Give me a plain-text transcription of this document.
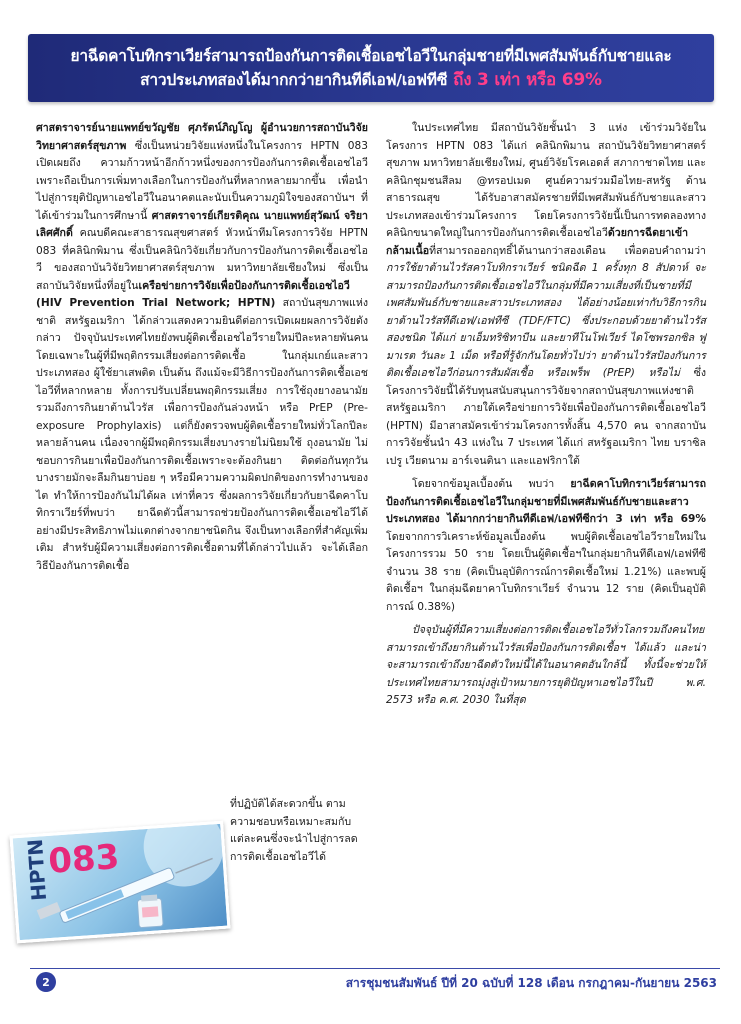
ยาฉีดคาโบทิกราเวียร์สามารถป้องกันการติดเชื้อเอชไอวีในกลุ่มชายที่มีเพศสัมพันธ์กับชายและ
สาวประเภทสองได้มากกว่ายากินทีดีเอฟ/เอฟทีซี ถึง 3 เท่า หรือ 69%

ศาสตราจารย์นายแพทย์ขวัญชัย ศุภรัตน์ภิญโญ ผู้อำนวยการสถาบันวิจัยวิทยาศาสตร์สุขภาพ ซึ่งเป็นหน่วยวิจัยแห่งหนึ่งในโครงการ HPTN 083 เปิดเผยถึง ความก้าวหน้าอีกก้าวหนึ่งของการป้องกันการติดเชื้อเอชไอวี เพราะถือเป็นการเพิ่มทางเลือกในการป้องกันที่หลากหลายมากขึ้น เพื่อนำไปสู่การยุติปัญหาเอชไอวีในอนาคตและนับเป็นความภูมิใจของสถาบันฯ ที่ได้เข้าร่วมในการศึกษานี้ ศาสตราจารย์เกียรติคุณ นายแพทย์สุวัฒน์ จริยาเลิศศักดิ์ คณบดีคณะสาธารณสุขศาสตร์ หัวหน้าทีมโครงการวิจัย HPTN 083 ที่คลินิกพิมาน ซึ่งเป็นคลินิกวิจัยเกี่ยวกับการป้องกันการติดเชื้อเอชไอวี ของสถาบันวิจัยวิทยาศาสตร์สุขภาพ มหาวิทยาลัยเชียงใหม่ ซึ่งเป็นสถาบันวิจัยหนึ่งที่อยู่ในเครือข่ายการวิจัยเพื่อป้องกันการติดเชื้อเอชไอวี (HIV Prevention Trial Network; HPTN) สถาบันสุขภาพแห่งชาติ สหรัฐอเมริกา ได้กล่าวแสดงความยินดีต่อการเปิดเผยผลการวิจัยดังกล่าว ปัจจุบันประเทศไทยยังพบผู้ติดเชื้อเอชไอวีรายใหม่ปีละหลายพันคน โดยเฉพาะในผู้ที่มีพฤติกรรมเสี่ยงต่อการติดเชื้อ ในกลุ่มเกย์และสาวประเภทสอง ผู้ใช้ยาเสพติด เป็นต้น ถึงแม้จะมีวิธีการป้องกันการติดเชื้อเอชไอวีที่หลากหลาย ทั้งการปรับเปลี่ยนพฤติกรรมเสี่ยง การใช้ถุงยางอนามัย รวมถึงการกินยาต้านไวรัส เพื่อการป้องกันล่วงหน้า หรือ PrEP (Pre-exposure Prophylaxis) แต่ก็ยังตรวจพบผู้ติดเชื้อรายใหม่ทั่วโลกปีละหลายล้านคน เนื่องจากผู้มีพฤติกรรมเสี่ยงบางรายไม่นิยมใช้ ถุงอนามัย ไม่ชอบการกินยาเพื่อป้องกันการติดเชื้อเพราะจะต้องกินยา ติดต่อกันทุกวัน บางรายมักจะลืมกินยาบ่อย ๆ หรือมีความความผิดปกติของการทำงานของไต ทำให้การป้องกันไม่ได้ผล เท่าที่ควร ซึ่งผลการวิจัยเกี่ยวกับยาฉีดคาโบทิกราเวียร์ที่พบว่า ยาฉีดตัวนี้สามารถช่วยป้องกันการติดเชื้อเอชไอวีได้อย่างมีประสิทธิภาพไม่แตกต่างจากยาชนิดกิน จึงเป็นทางเลือกที่สำคัญเพิ่มเติม สำหรับผู้มีความเสี่ยงต่อการติดเชื้อตามที่ได้กล่าวไปแล้ว จะได้เลือกวิธีป้องกันการติดเชื้อ

ที่ปฏิบัติได้สะดวกขึ้น ตามความชอบหรือเหมาะสมกับแต่ละคนซึ่งจะนำไปสู่การลดการติดเชื้อเอชไอวีได้
HPTN
083

ในประเทศไทย มีสถาบันวิจัยชั้นนำ 3 แห่ง เข้าร่วมวิจัยในโครงการ HPTN 083 ได้แก่ คลินิกพิมาน สถาบันวิจัยวิทยาศาสตร์สุขภาพ มหาวิทยาลัยเชียงใหม่, ศูนย์วิจัยโรคเอดส์ สภากาชาดไทย และคลินิกชุมชนสีลม @ทรอปเมด ศูนย์ความร่วมมือไทย-สหรัฐ ด้านสาธารณสุข ได้รับอาสาสมัครชายที่มีเพศสัมพันธ์กับชายและสาวประเภทสองเข้าร่วมโครงการ โดยโครงการวิจัยนี้เป็นการทดลองทางคลินิกขนาดใหญ่ในการป้องกันการติดเชื้อเอชไอวีด้วยการฉีดยาเข้ากล้ามเนื้อที่สามารถออกฤทธิ์ได้นานกว่าสองเดือน เพื่อตอบคำถามว่า การใช้ยาต้านไวรัสคาโบทิกราเวียร์ ชนิดฉีด 1 ครั้งทุก 8 สัปดาห์ จะสามารถป้องกันการติดเชื้อเอชไอวีในกลุ่มที่มีความเสี่ยงที่เป็นชายที่มีเพศสัมพันธ์กับชายและสาวประเภทสอง ได้อย่างน้อยเท่ากับวิธีการกินยาต้านไวรัสทีดีเอฟ/เอฟทีซี (TDF/FTC) ซึ่งประกอบด้วยยาต้านไวรัสสองชนิด ได้แก่ ยาเอ็มทริซิทาบีน และยาทีโนโฟเวียร์ ไดโซพรอกซิล ฟูมาเรต วันละ 1 เม็ด หรือที่รู้จักกันโดยทั่วไปว่า ยาต้านไวรัสป้องกันการติดเชื้อเอชไอวีก่อนการสัมผัสเชื้อ หรือเพร็พ (PrEP) หรือไม่ ซึ่งโครงการวิจัยนี้ได้รับทุนสนับสนุนการวิจัยจากสถาบันสุขภาพแห่งชาติ สหรัฐอเมริกา ภายใต้เครือข่ายการวิจัยเพื่อป้องกันการติดเชื้อเอชไอวี (HPTN) มีอาสาสมัครเข้าร่วมโครงการทั้งสิ้น 4,570 คน จากสถาบันการวิจัยชั้นนำ 43 แห่งใน 7 ประเทศ ได้แก่ สหรัฐอเมริกา ไทย บราซิล เปรู เวียดนาม อาร์เจนตินา และแอฟริกาใต้

โดยจากข้อมูลเบื้องต้น พบว่า ยาฉีดคาโบทิกราเวียร์สามารถป้องกันการติดเชื้อเอชไอวีในกลุ่มชายที่มีเพศสัมพันธ์กับชายและสาวประเภทสอง ได้มากกว่ายากินทีดีเอฟ/เอฟทีซีกว่า 3 เท่า หรือ 69% โดยจากการวิเคราะห์ข้อมูลเบื้องต้น พบผู้ติดเชื้อเอชไอวีรายใหม่ในโครงการรวม 50 ราย โดยเป็นผู้ติดเชื้อฯในกลุ่มยากินทีดีเอฟ/เอฟทีซีจำนวน 38 ราย (คิดเป็นอุบัติการณ์การติดเชื้อใหม่ 1.21%) และพบผู้ติดเชื้อฯ ในกลุ่มฉีดยาคาโบทิกราเวียร์ จำนวน 12 ราย (คิดเป็นอุบัติการณ์ 0.38%)

ปัจจุบันผู้ที่มีความเสี่ยงต่อการติดเชื้อเอชไอวีทั่วโลกรวมถึงคนไทย สามารถเข้าถึงยากินต้านไวรัสเพื่อป้องกันการติดเชื้อฯ ได้แล้ว และน่าจะสามารถเข้าถึงยาฉีดตัวใหม่นี้ได้ในอนาคตอันใกล้นี้ ทั้งนี้จะช่วยให้ประเทศไทยสามารถมุ่งสู่เป้าหมายการยุติปัญหาเอชไอวีในปี พ.ศ. 2573 หรือ ค.ศ. 2030 ในที่สุด

2	สารชุมชนสัมพันธ์ ปีที่ 20 ฉบับที่ 128 เดือน กรกฎาคม-กันยายน 2563
